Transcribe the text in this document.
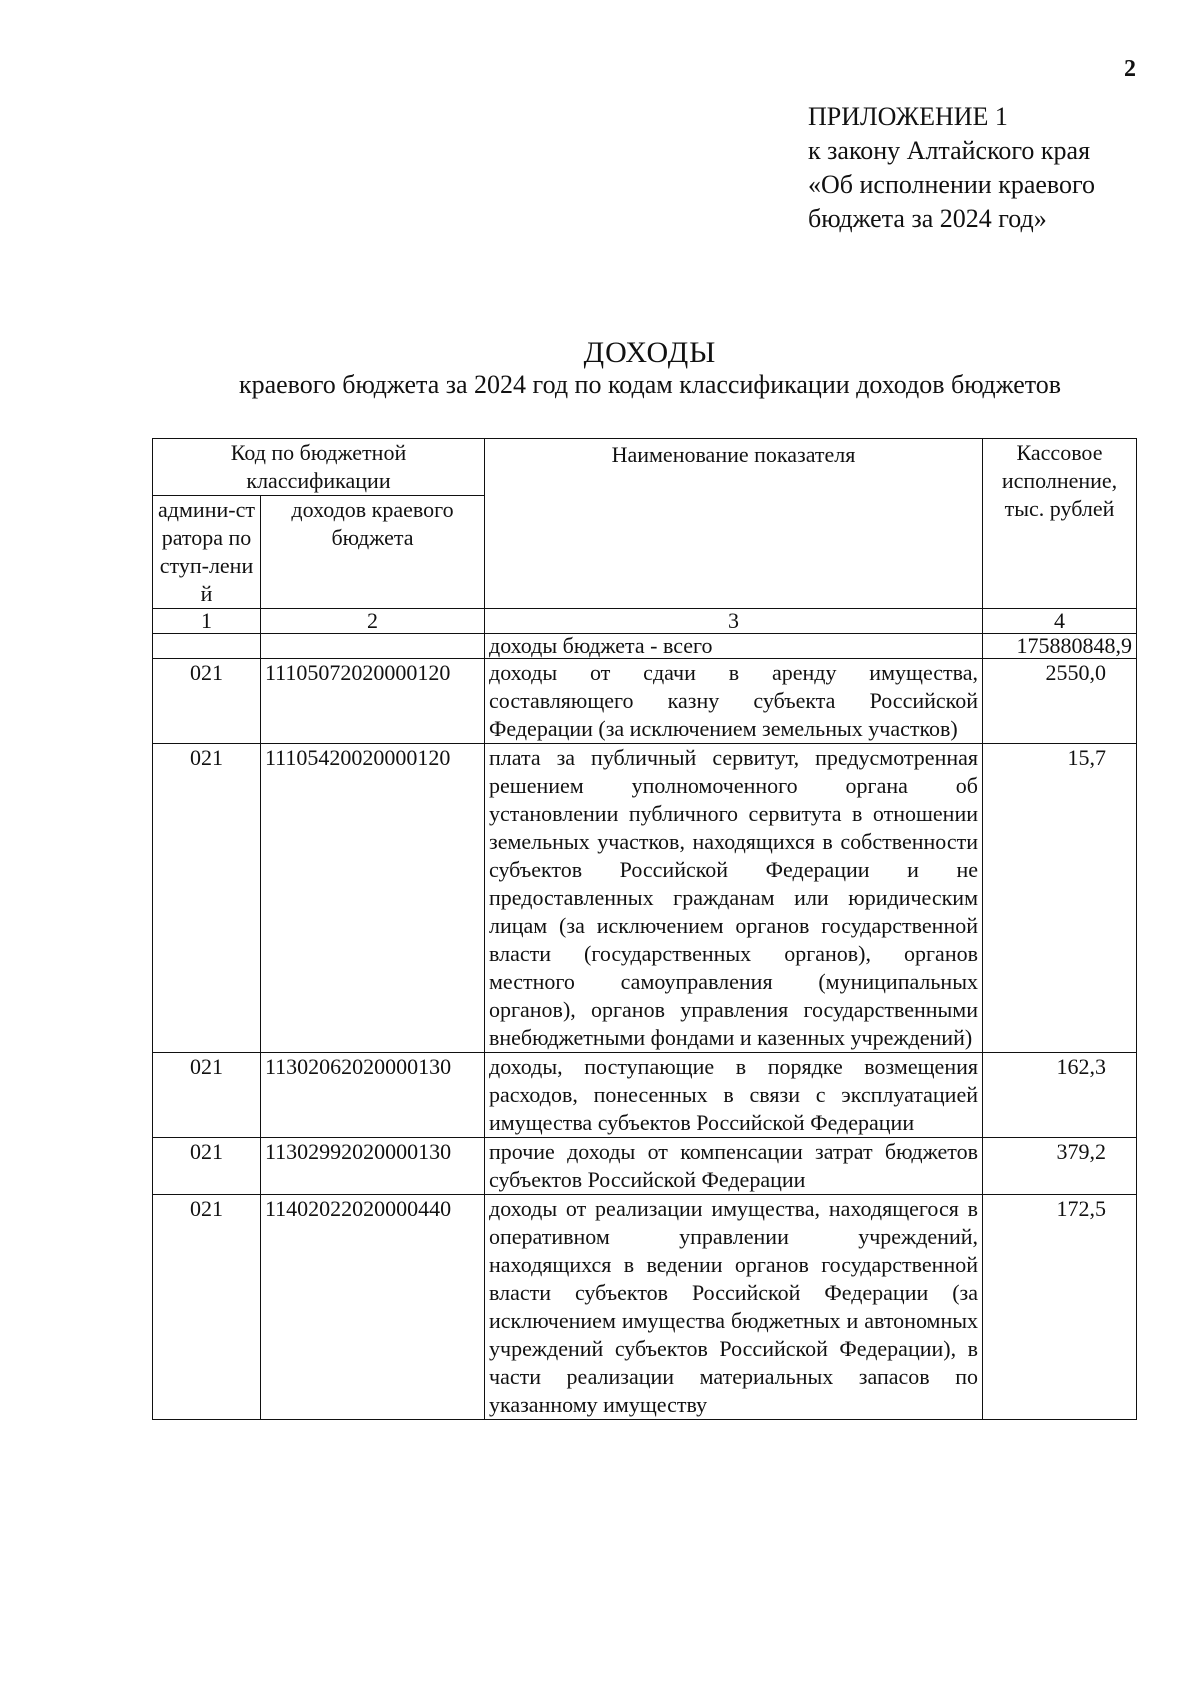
2
ПРИЛОЖЕНИЕ 1
к закону Алтайского края
«Об исполнении краевого
бюджета за 2024 год»
ДОХОДЫ
краевого бюджета за 2024 год по кодам классификации доходов бюджетов
Код по бюджетной классификации		Наименование показателя	Кассовое исполнение, тыс. рублей
админи-стратора поступ-лений	доходов краевого бюджета		
1	2	3	4
		доходы бюджета - всего	175880848,9
021	11105072020000120	доходы от сдачи в аренду имущества, составляющего казну субъекта Российской Федерации (за исключением земельных участков)	2550,0
021	11105420020000120	плата за публичный сервитут, предусмотренная решением уполномоченного органа об установлении публичного сервитута в отношении земельных участков, находящихся в собственности субъектов Российской Федерации и не предоставленных гражданам или юридическим лицам (за исключением органов государственной власти (государственных органов), органов местного самоуправления (муниципальных органов), органов управления государственными внебюджетными фондами и казенных учреждений)	15,7
021	11302062020000130	доходы, поступающие в порядке возмещения расходов, понесенных в связи с эксплуатацией имущества субъектов Российской Федерации	162,3
021	11302992020000130	прочие доходы от компенсации затрат бюджетов субъектов Российской Федерации	379,2
021	11402022020000440	доходы от реализации имущества, находящегося в оперативном управлении учреждений, находящихся в ведении органов государственной власти субъектов Российской Федерации (за исключением имущества бюджетных и автономных учреждений субъектов Российской Федерации), в части реализации материальных запасов по указанному имуществу	172,5
